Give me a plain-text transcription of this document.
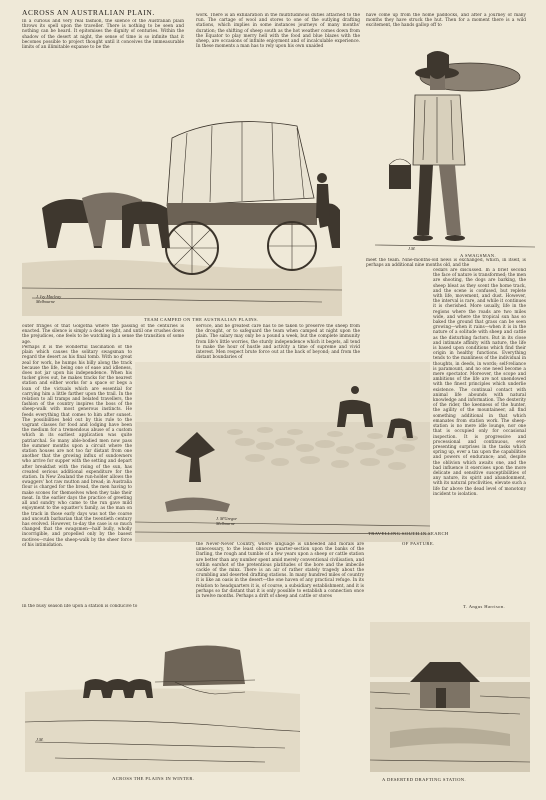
ACROSS AN AUSTRALIAN PLAIN.
In a curious and very real fashion, the silence of the Australian plain throws its spell upon the traveller. There is nothing to be seen and nothing can be heard. It epitomises the dignity of centuries. Within the shadow of the desert at night, the sense of time is so infinite that it becomes possible to project thought until it conceives the immeasurable limits of an illimitable expanse to be the
work. There is an exhilaration in the multitudinous duties attached to the run. The cartage of wool and stores to one of the outlying drafting stations, which implies in some instances journeys of many months' duration; the shifting of sheep south as the hot weather comes down from the Equator to play merry hell with the food and blue blazes with the sheep, are occasions of infinite enjoyment and of incalculable experience. In these moments a man has to rely upon his own unaided
have come up from the home paddocks, and after a journey of many months they have struck the hut. Then for a moment there is a wild excitement, the hands gallop off to
J. Ivy Macleay
Melbourne
TEAM CAMPED ON THE AUSTRALIAN PLAINS.
J.M.
A SWAGSMAN.
outer fringes of that Golgotha where the passing of the centuries is enacted. The silence is simply a dead weight, and until one crushes down the prejudices, one feels to be watching in a sense the transition of some age.
Perhaps it is the wonderful fascination of the plain which causes the solitary swagsman to regard the desert as his final tomb. With no great zeal for work, he humps his billy along the track because the life, being one of ease and idleness, does not jar upon his independence. When his tucker gives out, he makes tracks for the nearest station and either works for a space or begs a loan of the victuals which are essential for carrying him a little farther upon the trail. In the relation to all tramps and belated travellers, the fashion of the country inspires the boss of the sheep-walk with most generous instincts. He feeds everything that comes to him after sunset. The possibilities held out by this rule to the vagrant classes for food and lodging have been the medium for a tremendous abuse of a custom which in its earliest application was quite patriarchal. So many able-bodied men now pass the summer months upon a circuit where the station houses are not too far distant from one another that the growing influx of sundowners who arrive for supper with the setting and depart after breakfast with the rising of the sun, has created serious additional expenditure for the station. In New Zealand the run-holder allows the swaggers' hot raw mutton and bread; in Australia flour is charged for the bread, the men having to make scones for themselves when they take their meat. In the earlier days the practice of greeting all and sundry who came to the run gave mild enjoyment to the squatter's family, as the man on the track in those early days was not the coarse and uncouth barbarian that the twentieth century has evolved. However, to-day the case is so much changed that the swagsmen—half bully, wholly incorrigible, and propelled only by the basest motives—rules the sheep-walk by the sheer force of his intimidation.
In the busy season life upon a station is conducive to
service, and he greatest care has to be taken to preserve the sheep from the drought, or to safeguard the team when camped at night upon the plain. The salary may only be a pound a week, but the complete immunity from life's little worries, the sturdy independence which it begets, all tend to make the hour of hustle and activity a time of supreme and vivid interest. Men respect brute force out at the back of beyond; and from the distant boundaries of
meet the team. Nine-months-old news is exchanged, which, in itself, is perhaps an additional nine months old, and the
cedars are discussed. In a brief second the face of nature is transformed; the men are shooting, the dogs are barking, the sheep bleat as they scent the home track, and the scene is confused, but replete with life, movement, and dust. However, the interval is rare, and while it continues it is cherished. More usually, life in the regions where the roads are two miles wide, and where the tropical sun has so baked the ground that grass can be seen growing—when it rains—when it is in the nature of a solitude with sheep and cattle as the disturbing factors. But in its close and intimate affinity with nature, the life is based upon conditions which find their origin in healthy functions. Everything tends to the manliness of the individual in thoughts, in deeds, in words; self-reliance is paramount, and no one need become a mere spectator. Moreover, the scope and ambitions of the life are not unendowed with the finest principles which underlie existence. The continual contact with animal life abounds with natural knowledge and information. The dexterity of the rider, the keenness of the hunter, the agility of the mountaineer, all find something additional in that which emanates from station work. The sheep-station is no mere idle lounge, nor one that is occupied only for occasional inspection. It is progressive and processional and continuous, ever presenting surprises in the tasks which spring up, ever a tax upon the capabilities and powers of endurance; and, despite the oblivion which awaits one, and the bad influence it exercises upon the more delicate and sensitive susceptibilities of any nature, its spirit and abandonment, with its natural proclivities, elevate such a life far above the dead level of monotony incident to isolation.
J. M'Gregor
Melbourne
TRAVELLING SOUTH IN SEARCH
OF PASTURE.
the Never-Never Country, where language is unheeded and morals are unnecessary, to the least obscure quarter-section upon the banks of the Darling, the rough and tumble of a few years upon a sheep or cattle station are better than any number spent amid merely conventional civilisation, and within earshot of the pretentious platitudes of the bore and the imbecile cackle of the minx. There is an air of rather stately tragedy about the crumbling and deserted drafting stations. In many hundred miles of country it is like an oasis in the desert—the one haven of any practical refuge. In its relation to headquarters it is, of course, a subsidiary establishment, and it is perhaps so far distant that it is only possible to establish a connection once in twelve months. Perhaps a drift of sheep and cattle or stores
T. Angus Harrison.
J.M.
ACROSS THE PLAINS IN WINTER.	A DESERTED DRAFTING STATION.
